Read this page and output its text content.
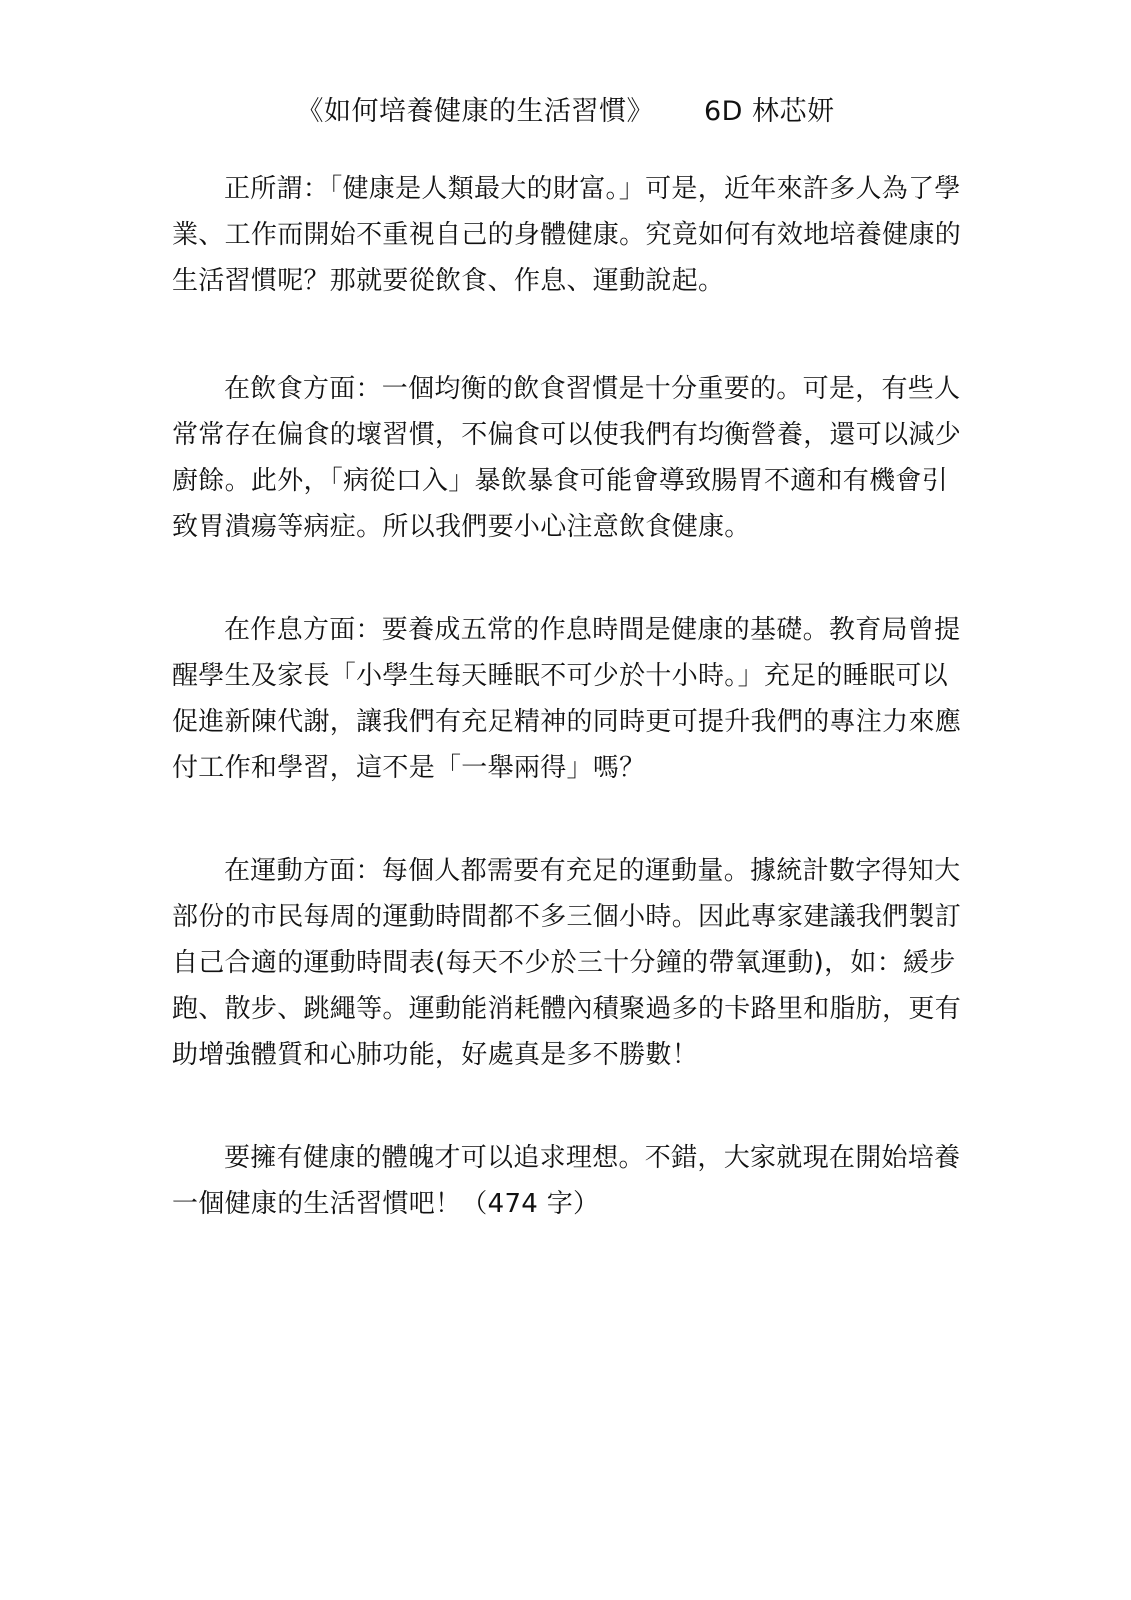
《如何培養健康的生活習慣》 6D 林芯妍

正所謂：「健康是人類最大的財富。」可是，近年來許多人為了學業、工作而開始不重視自己的身體健康。究竟如何有效地培養健康的生活習慣呢？那就要從飲食、作息、運動說起。

在飲食方面：一個均衡的飲食習慣是十分重要的。可是，有些人常常存在偏食的壞習慣，不偏食可以使我們有均衡營養，還可以減少廚餘。此外，「病從口入」暴飲暴食可能會導致腸胃不適和有機會引致胃潰瘍等病症。所以我們要小心注意飲食健康。

在作息方面：要養成五常的作息時間是健康的基礎。教育局曾提醒學生及家長「小學生每天睡眠不可少於十小時。」充足的睡眠可以促進新陳代謝，讓我們有充足精神的同時更可提升我們的專注力來應付工作和學習，這不是「一舉兩得」嗎？

在運動方面：每個人都需要有充足的運動量。據統計數字得知大部份的市民每周的運動時間都不多三個小時。因此專家建議我們製訂自己合適的運動時間表(每天不少於三十分鐘的帶氧運動)，如：緩步跑、散步、跳繩等。運動能消耗體內積聚過多的卡路里和脂肪，更有助增強體質和心肺功能，好處真是多不勝數！

要擁有健康的體魄才可以追求理想。不錯，大家就現在開始培養一個健康的生活習慣吧！（474 字）
